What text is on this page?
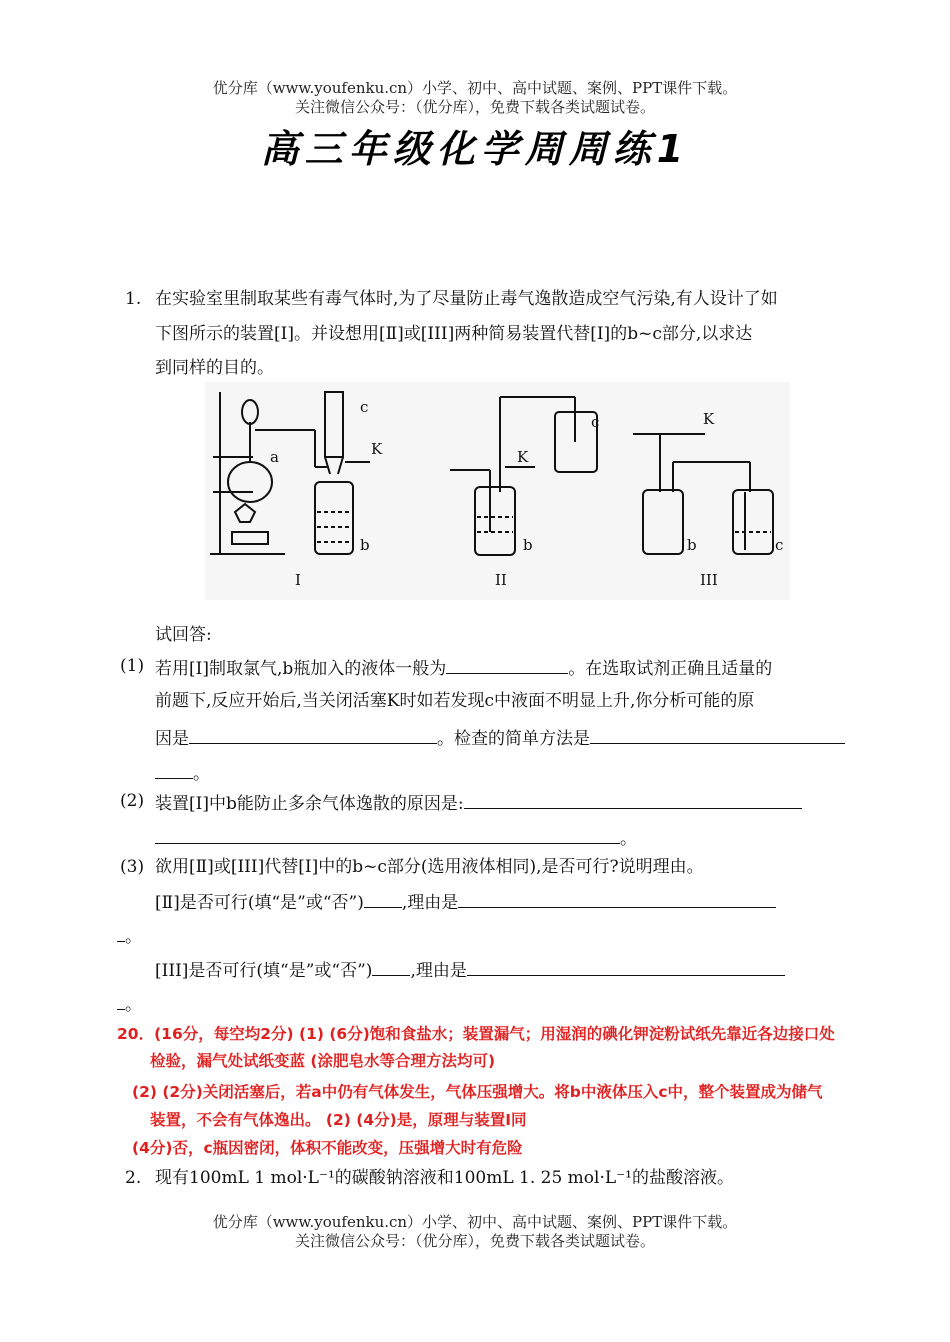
优分库（www.youfenku.cn）小学、初中、高中试题、案例、PPT课件下载。
关注微信公众号：（优分库），免费下载各类试题试卷。
高三年级化学周周练1
1. 在实验室里制取某些有毒气体时,为了尽量防止毒气逸散造成空气污染,有人设计了如
下图所示的装置[Ⅰ]。并设想用[Ⅱ]或[III]两种简易装置代替[Ⅰ]的b~c部分,以求达
到同样的目的。
a
b
c
K
b
c
K
b	c
K
I	II	III
试回答:
(1) 若用[Ⅰ]制取氯气,b瓶加入的液体一般为	。在选取试剂正确且适量的
前题下,反应开始后,当关闭活塞K时如若发现c中液面不明显上升,你分析可能的原
因是	。检查的简单方法是
。
(2) 装置[Ⅰ]中b能防止多余气体逸散的原因是:
。
(3) 欲用[Ⅱ]或[III]代替[Ⅰ]中的b~c部分(选用液体相同),是否可行?说明理由。
[Ⅱ]是否可行(填“是”或“否”) ,理由是
。
[III]是否可行(填“是”或“否”) ,理由是
。
20．(16分，每空均2分) (1) (6分)饱和食盐水；装置漏气；用湿润的碘化钾淀粉试纸先靠近各边接口处
检验，漏气处试纸变蓝 (涂肥皂水等合理方法均可)
(2) (2分)关闭活塞后，若a中仍有气体发生，气体压强增大。将b中液体压入c中，整个装置成为储气
装置，不会有气体逸出。 (2) (4分)是，原理与装置I同
(4分)否，c瓶因密闭，体积不能改变，压强增大时有危险
2. 现有100mL 1 mol·L⁻¹的碳酸钠溶液和100mL 1. 25 mol·L⁻¹的盐酸溶液。
优分库（www.youfenku.cn）小学、初中、高中试题、案例、PPT课件下载。
关注微信公众号：（优分库），免费下载各类试题试卷。
